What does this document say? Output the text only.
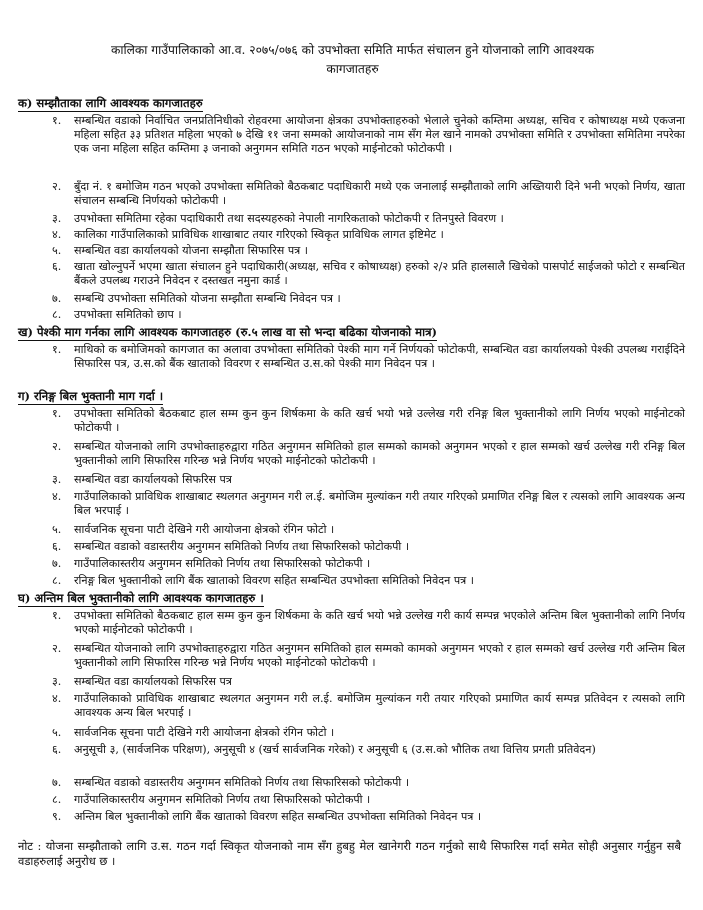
कालिका गाउँपालिकाको आ.व. २०७५/०७६ को उपभोक्ता समिति मार्फत संचालन हुने योजनाको लागि आवश्यक
कागजातहरु
क) सम्झौताका लागि आवश्यक कागजातहरु
१.	सम्बन्धित वडाको निर्वाचित जनप्रतिनिधीको रोहवरमा आयोजना क्षेत्रका उपभोक्ताहरुको भेलाले चुनेको कम्तिमा अध्यक्ष, सचिव र कोषाध्यक्ष मध्ये एकजना महिला सहित ३३ प्रतिशत महिला भएको ७ देखि ११ जना सम्मको आयोजनाको नाम सँग मेल खाने नामको उपभोक्ता समिति र उपभोक्ता समितिमा नपरेका एक जना महिला सहित कम्तिमा ३ जनाको अनुगमन समिति गठन भएको माईनोटको फोटोकपी ।
२.	बुँदा नं. १ बमोजिम गठन भएको उपभोक्ता समितिको बैठकबाट पदाधिकारी मध्ये एक जनालाई सम्झौताको लागि अख्तियारी दिने भनी भएको निर्णय, खाता संचालन सम्बन्धि निर्णयको फोटोकपी ।
३.	उपभोक्ता समितिमा रहेका पदाधिकारी तथा सदस्यहरुको नेपाली नागरिकताको फोटोकपी र तिनपुस्ते विवरण ।
४.	कालिका गाउँपालिकाको प्राविधिक शाखाबाट तयार गरिएको स्विकृत प्राविधिक लागत इष्टिमेट ।
५.	सम्बन्धित वडा कार्यालयको योजना सम्झौता सिफारिस पत्र ।
६.	खाता खोल्नुपर्ने भएमा खाता संचालन हुने पदाधिकारी(अध्यक्ष, सचिव र कोषाध्यक्ष) हरुको २/२ प्रति हालसालै खिचेको पासपोर्ट साईजको फोटो र सम्बन्धित बैंकले उपलब्ध गराउने निवेदन र दस्तखत नमुना कार्ड ।
७.	सम्बन्धि उपभोक्ता समितिको योजना सम्झौता सम्बन्धि निवेदन पत्र ।
८.	उपभोक्ता समितिको छाप ।
ख) पेश्की माग गर्नका लागि आवश्यक कागजातहरु (रु.५ लाख वा सो भन्दा बढिका योजनाको मात्र)
१.	माथिको क बमोजिमको कागजात का अलावा उपभोक्ता समितिको पेश्की माग गर्ने निर्णयको फोटोकपी, सम्बन्धित वडा कार्यालयको पेश्की उपलब्ध गराईदिने सिफारिस पत्र, उ.स.को बैंक खाताको विवरण र सम्बन्धित उ.स.को पेश्की माग निवेदन पत्र ।
ग) रनिङ्ग बिल भुक्तानी माग गर्दा ।
१.	उपभोक्ता समितिको बैठकबाट हाल सम्म कुन कुन शिर्षकमा के कति खर्च भयो भन्ने उल्लेख गरी रनिङ्ग बिल भुक्तानीको लागि निर्णय भएको माईनोटको फोटोकपी ।
२.	सम्बन्धित योजनाको लागि उपभोक्ताहरुद्वारा गठित अनुगमन समितिको हाल सम्मको कामको अनुगमन भएको र हाल सम्मको खर्च उल्लेख गरी रनिङ्ग बिल भुक्तानीको लागि सिफारिस गरिन्छ भन्ने निर्णय भएको माईनोटको फोटोकपी ।
३.	सम्बन्धित वडा कार्यालयको सिफरिस पत्र
४.	गाउँपालिकाको प्राविधिक शाखाबाट स्थलगत अनुगमन गरी ल.ई. बमोजिम मुल्यांकन गरी तयार गरिएको प्रमाणित रनिङ्ग बिल र त्यसको लागि आवश्यक अन्य बिल भरपाई ।
५.	सार्वजनिक सूचना पाटी देखिने गरी आयोजना क्षेत्रको रंगिन फोटो ।
६.	सम्बन्धित वडाको वडास्तरीय अनुगमन समितिको निर्णय तथा सिफारिसको फोटोकपी ।
७.	गाउँपालिकास्तरीय अनुगमन समितिको निर्णय तथा सिफारिसको फोटोकपी ।
८.	रनिङ्ग बिल भुक्तानीको लागि बैंक खाताको विवरण सहित सम्बन्धित उपभोक्ता समितिको निवेदन पत्र ।
घ) अन्तिम बिल भुक्तानीको लागि आवश्यक कागजातहरु ।
१.	उपभोक्ता समितिको बैठकबाट हाल सम्म कुन कुन शिर्षकमा के कति खर्च भयो भन्ने उल्लेख गरी कार्य सम्पन्न भएकोले अन्तिम बिल भुक्तानीको लागि निर्णय भएको माईनोटको फोटोकपी ।
२.	सम्बन्धित योजनाको लागि उपभोक्ताहरुद्वारा गठित अनुगमन समितिको हाल सम्मको कामको अनुगमन भएको र हाल सम्मको खर्च उल्लेख गरी अन्तिम बिल भुक्तानीको लागि सिफारिस गरिन्छ भन्ने निर्णय भएको माईनोटको फोटोकपी ।
३.	सम्बन्धित वडा कार्यालयको सिफरिस पत्र
४.	गाउँपालिकाको प्राविधिक शाखाबाट स्थलगत अनुगमन गरी ल.ई. बमोजिम मुल्यांकन गरी तयार गरिएको प्रमाणित कार्य सम्पन्न प्रतिवेदन र त्यसको लागि आवश्यक अन्य बिल भरपाई ।
५.	सार्वजनिक सूचना पाटी देखिने गरी आयोजना क्षेत्रको रंगिन फोटो ।
६.	अनुसूची ३, (सार्वजनिक परिक्षण), अनुसूची ४ (खर्च सार्वजनिक गरेको) र अनुसूची ६ (उ.स.को भौतिक तथा वित्तिय प्रगती प्रतिवेदन)
७.	सम्बन्धित वडाको वडास्तरीय अनुगमन समितिको निर्णय तथा सिफारिसको फोटोकपी ।
८.	गाउँपालिकास्तरीय अनुगमन समितिको निर्णय तथा सिफारिसको फोटोकपी ।
९.	अन्तिम बिल भुक्तानीको लागि बैंक खाताको विवरण सहित सम्बन्धित उपभोक्ता समितिको निवेदन पत्र ।
नोट : योजना सम्झौताको लागि उ.स. गठन गर्दा स्विकृत योजनाको नाम सँग हुबहु मेल खानेगरी गठन गर्नुको साथै सिफारिस गर्दा समेत सोही अनुसार गर्नुहुन सबै वडाहरुलाई अनुरोध छ ।
